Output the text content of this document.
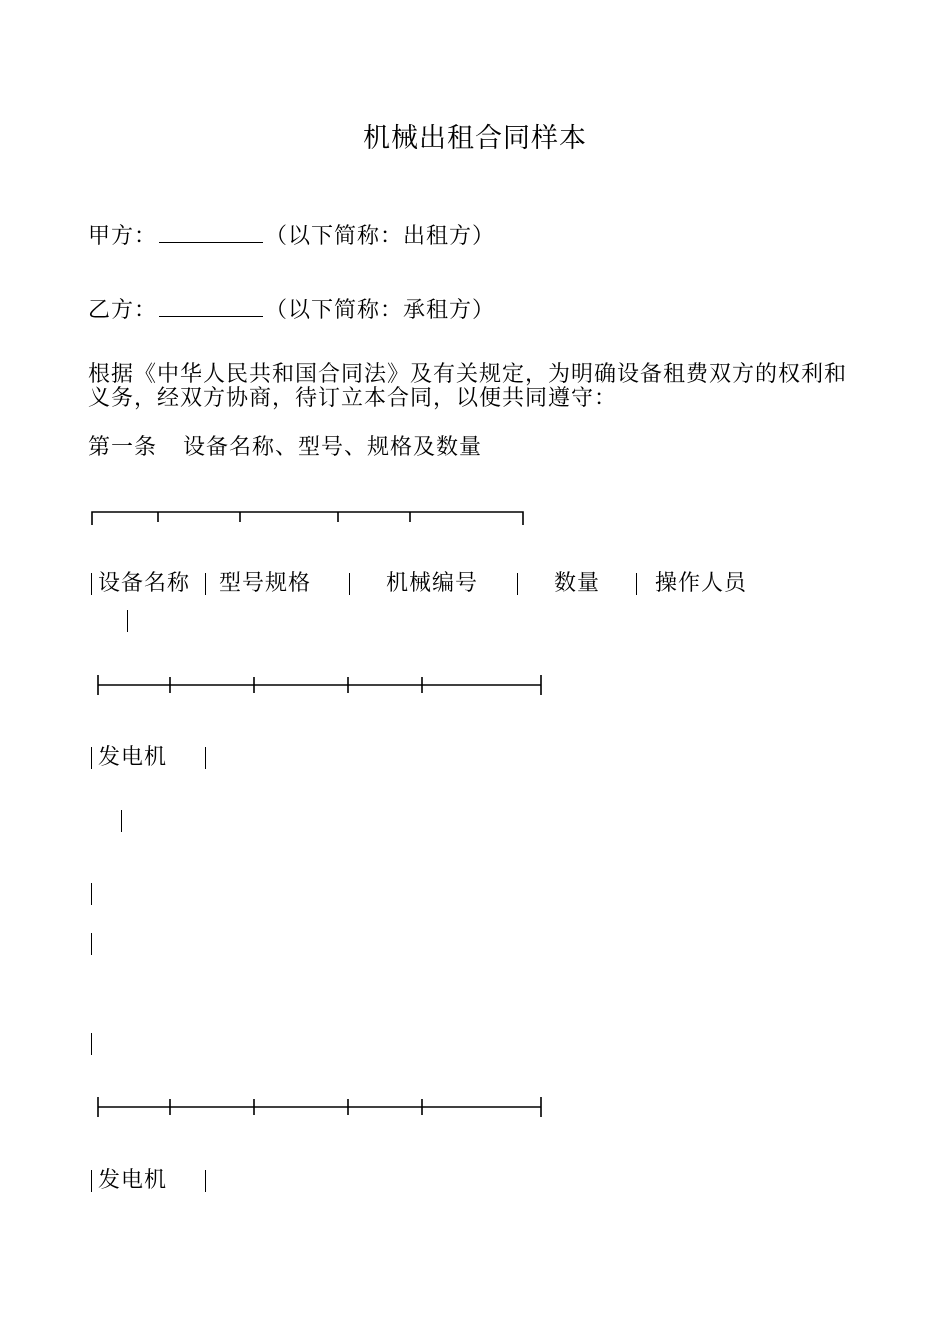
机械出租合同样本
甲方：	（以下简称：出租方）
乙方：	（以下简称：承租方）
根据《中华人民共和国合同法》及有关规定，为明确设备租费双方的权利和义务，经双方协商，待订立本合同，以便共同遵守：
第一条 设备名称、型号、规格及数量
设备名称 型号规格	机械编号	数量 操作人员
发电机
发电机
